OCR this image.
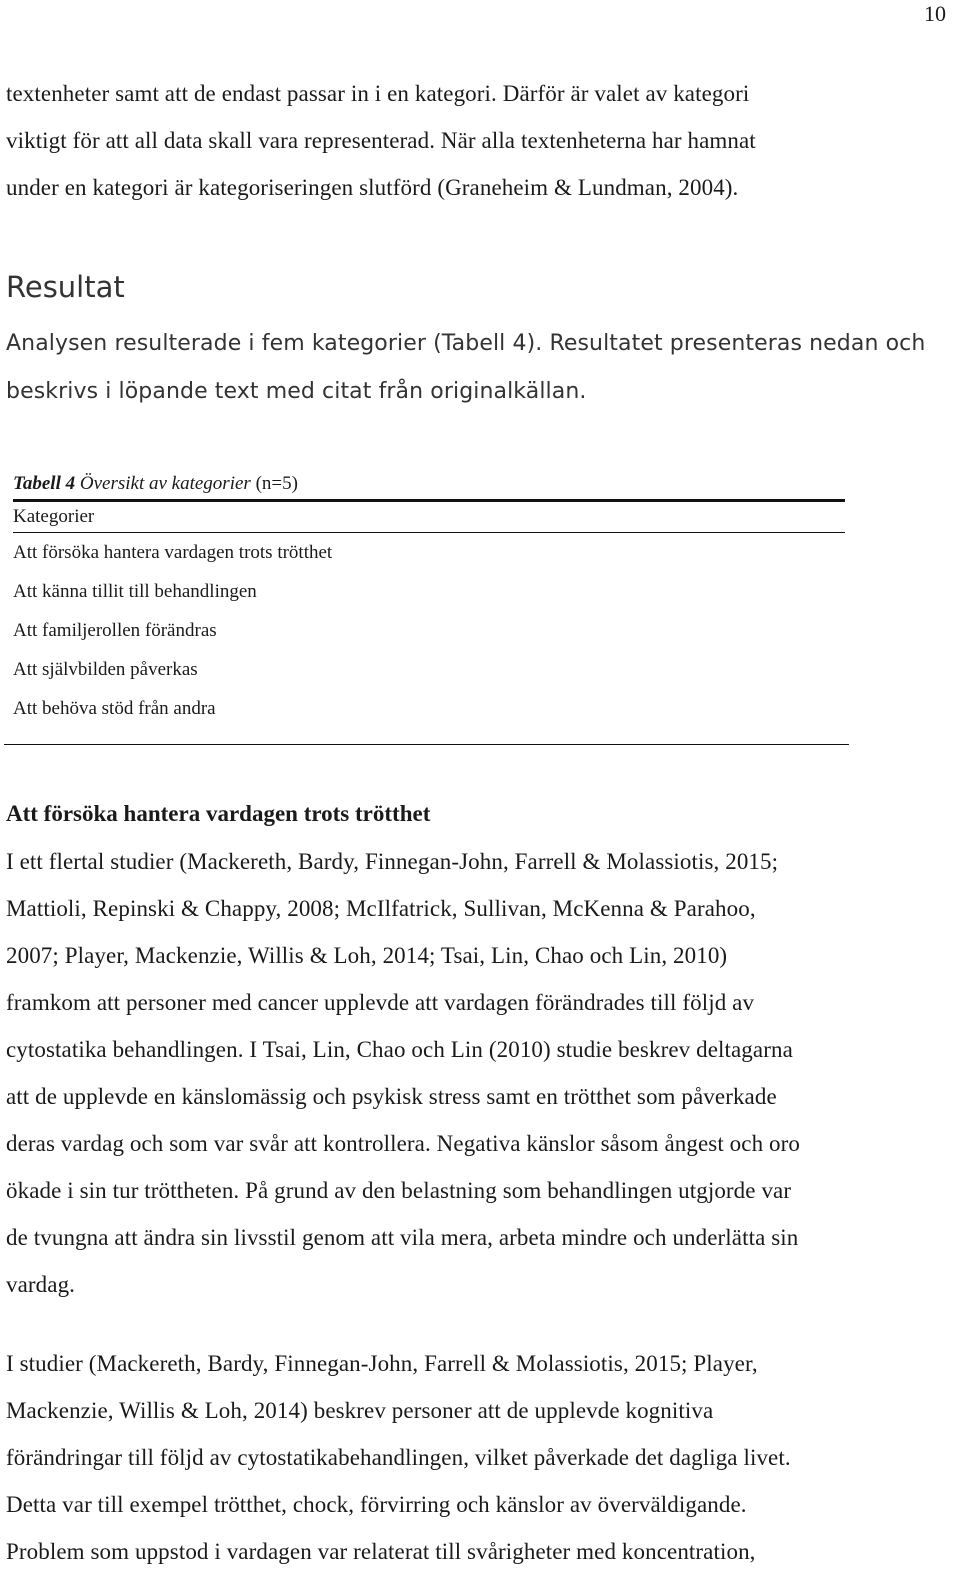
10
textenheter samt att de endast passar in i en kategori. Därför är valet av kategori
viktigt för att all data skall vara representerad. När alla textenheterna har hamnat
under en kategori är kategoriseringen slutförd (Graneheim & Lundman, 2004).
Resultat
Analysen resulterade i fem kategorier (Tabell 4). Resultatet presenteras nedan och
beskrivs i löpande text med citat från originalkällan.
Tabell 4 Översikt av kategorier (n=5)
Kategorier
Att försöka hantera vardagen trots trötthet
Att känna tillit till behandlingen
Att familjerollen förändras
Att självbilden påverkas
Att behöva stöd från andra
Att försöka hantera vardagen trots trötthet
I ett flertal studier (Mackereth, Bardy, Finnegan-John, Farrell & Molassiotis, 2015;
Mattioli, Repinski & Chappy, 2008; McIlfatrick, Sullivan, McKenna & Parahoo,
2007; Player, Mackenzie, Willis & Loh, 2014; Tsai, Lin, Chao och Lin, 2010)
framkom att personer med cancer upplevde att vardagen förändrades till följd av
cytostatika behandlingen. I Tsai, Lin, Chao och Lin (2010) studie beskrev deltagarna
att de upplevde en känslomässig och psykisk stress samt en trötthet som påverkade
deras vardag och som var svår att kontrollera. Negativa känslor såsom ångest och oro
ökade i sin tur tröttheten. På grund av den belastning som behandlingen utgjorde var
de tvungna att ändra sin livsstil genom att vila mera, arbeta mindre och underlätta sin
vardag.
I studier (Mackereth, Bardy, Finnegan-John, Farrell & Molassiotis, 2015; Player,
Mackenzie, Willis & Loh, 2014) beskrev personer att de upplevde kognitiva
förändringar till följd av cytostatikabehandlingen, vilket påverkade det dagliga livet.
Detta var till exempel trötthet, chock, förvirring och känslor av överväldigande.
Problem som uppstod i vardagen var relaterat till svårigheter med koncentration,
